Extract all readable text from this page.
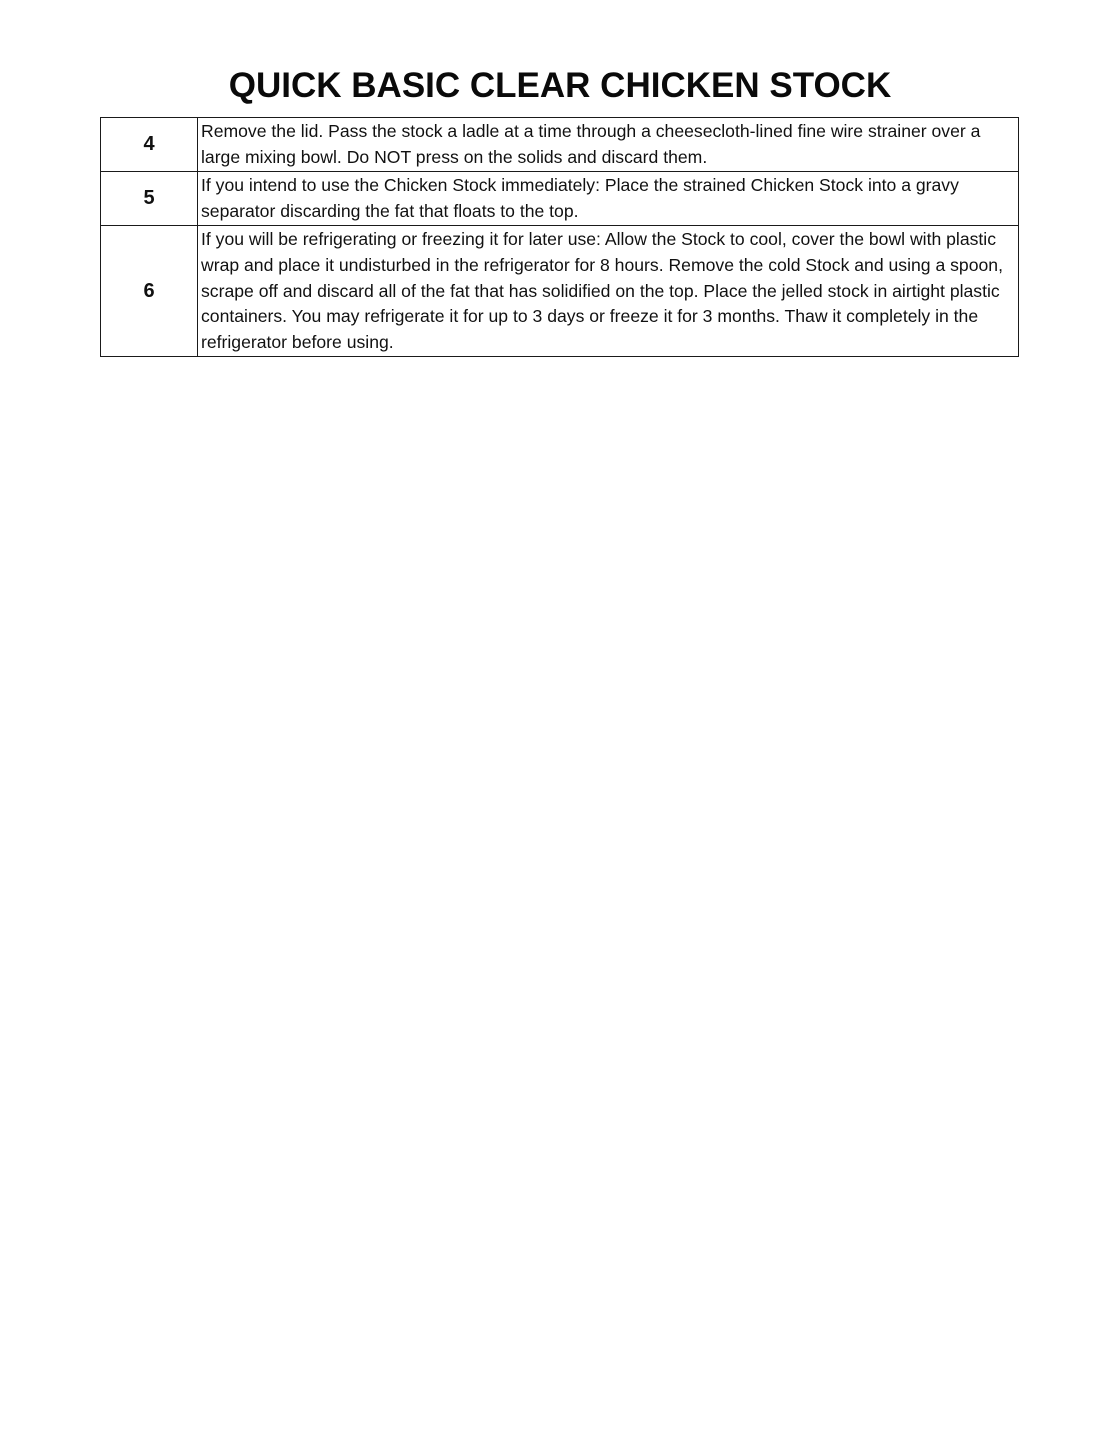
QUICK BASIC CLEAR CHICKEN STOCK
4	Remove the lid. Pass the stock a ladle at a time through a cheesecloth-lined fine wire strainer over a large mixing bowl. Do NOT press on the solids and discard them.
5	If you intend to use the Chicken Stock immediately: Place the strained Chicken Stock into a gravy separator discarding the fat that floats to the top.
6	If you will be refrigerating or freezing it for later use: Allow the Stock to cool, cover the bowl with plastic wrap and place it undisturbed in the refrigerator for 8 hours. Remove the cold Stock and using a spoon, scrape off and discard all of the fat that has solidified on the top. Place the jelled stock in airtight plastic containers. You may refrigerate it for up to 3 days or freeze it for 3 months. Thaw it completely in the refrigerator before using.
